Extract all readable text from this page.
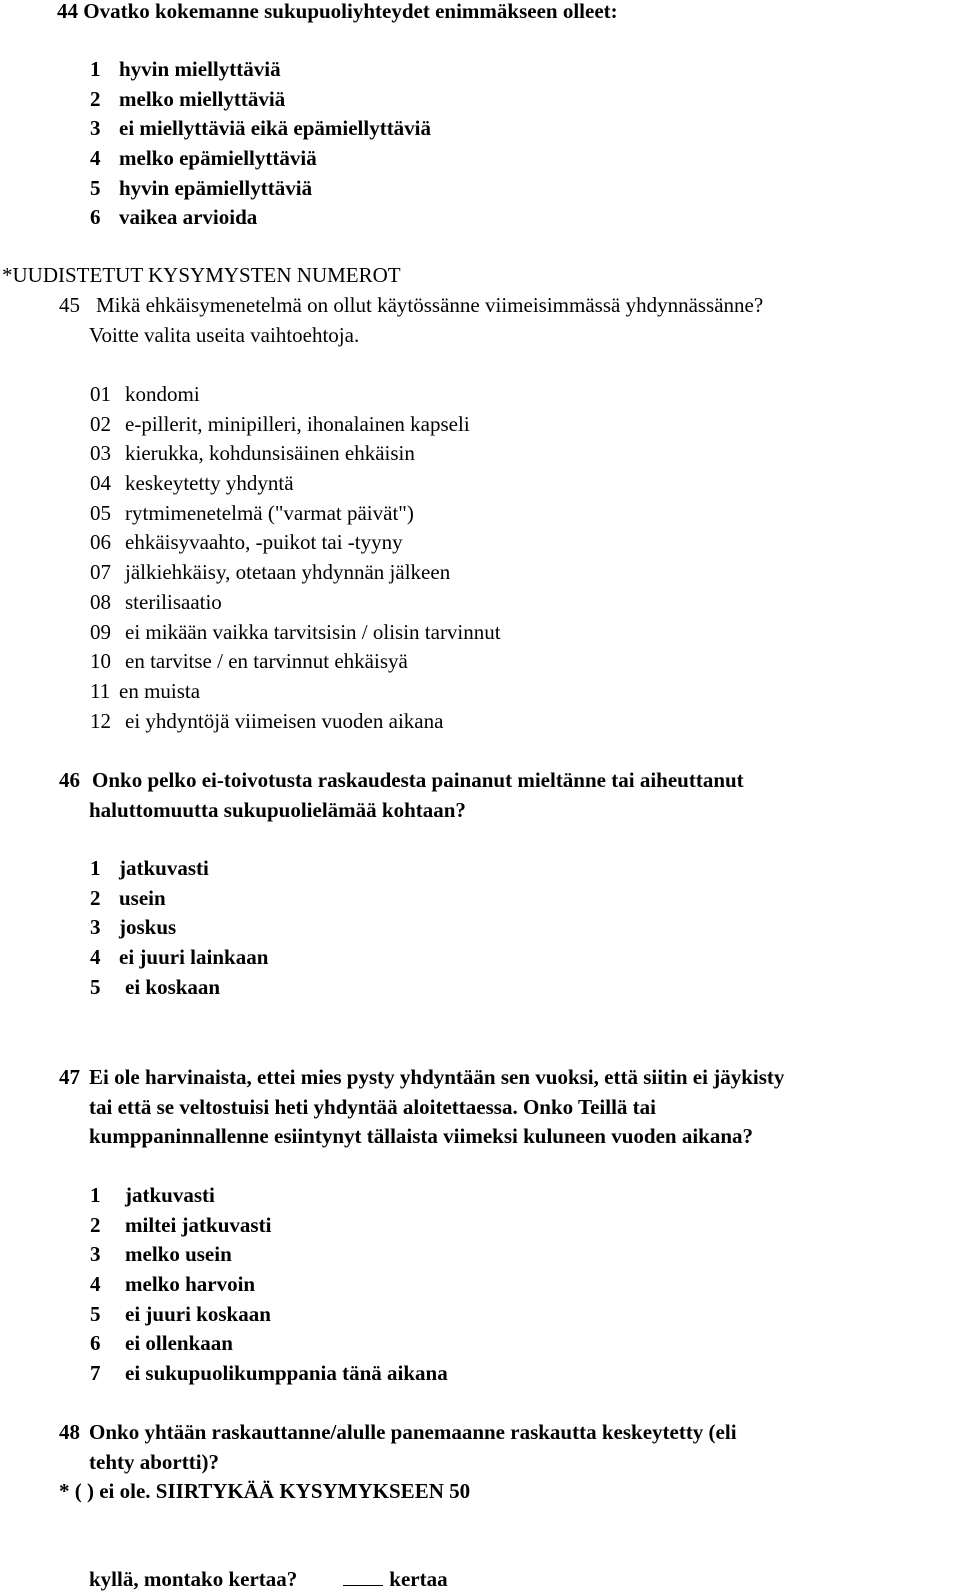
44 Ovatko kokemanne sukupuoliyhteydet enimmäkseen olleet:
1 hyvin miellyttäviä
2 melko miellyttäviä
3 ei miellyttäviä eikä epämiellyttäviä
4 melko epämiellyttäviä
5 hyvin epämiellyttäviä
6 vaikea arvioida
*UUDISTETUT KYSYMYSTEN NUMEROT
45 Mikä ehkäisymenetelmä on ollut käytössänne viimeisimmässä yhdynnässänne?
Voitte valita useita vaihtoehtoja.
01 kondomi
02 e-pillerit, minipilleri, ihonalainen kapseli
03 kierukka, kohdunsisäinen ehkäisin
04 keskeytetty yhdyntä
05 rytmimenetelmä ("varmat päivät")
06 ehkäisyvaahto, -puikot tai -tyyny
07 jälkiehkäisy, otetaan yhdynnän jälkeen
08 sterilisaatio
09 ei mikään vaikka tarvitsisin / olisin tarvinnut
10 en tarvitse / en tarvinnut ehkäisyä
11 en muista
12 ei yhdyntöjä viimeisen vuoden aikana
46 Onko pelko ei-toivotusta raskaudesta painanut mieltänne tai aiheuttanut
haluttomuutta sukupuolielämää kohtaan?
1 jatkuvasti
2 usein
3 joskus
4 ei juuri lainkaan
5 ei koskaan
47 Ei ole harvinaista, ettei mies pysty yhdyntään sen vuoksi, että siitin ei jäykisty
tai että se veltostuisi heti yhdyntää aloitettaessa. Onko Teillä tai
kumppaninnallenne esiintynyt tällaista viimeksi kuluneen vuoden aikana?
1 jatkuvasti
2 miltei jatkuvasti
3 melko usein
4 melko harvoin
5 ei juuri koskaan
6 ei ollenkaan
7 ei sukupuolikumppania tänä aikana
48 Onko yhtään raskauttanne/alulle panemaanne raskautta keskeytetty (eli
tehty abortti)?
* ( ) ei ole. SIIRTYKÄÄ KYSYMYKSEEN 50
kyllä, montako kertaa?	kertaa
